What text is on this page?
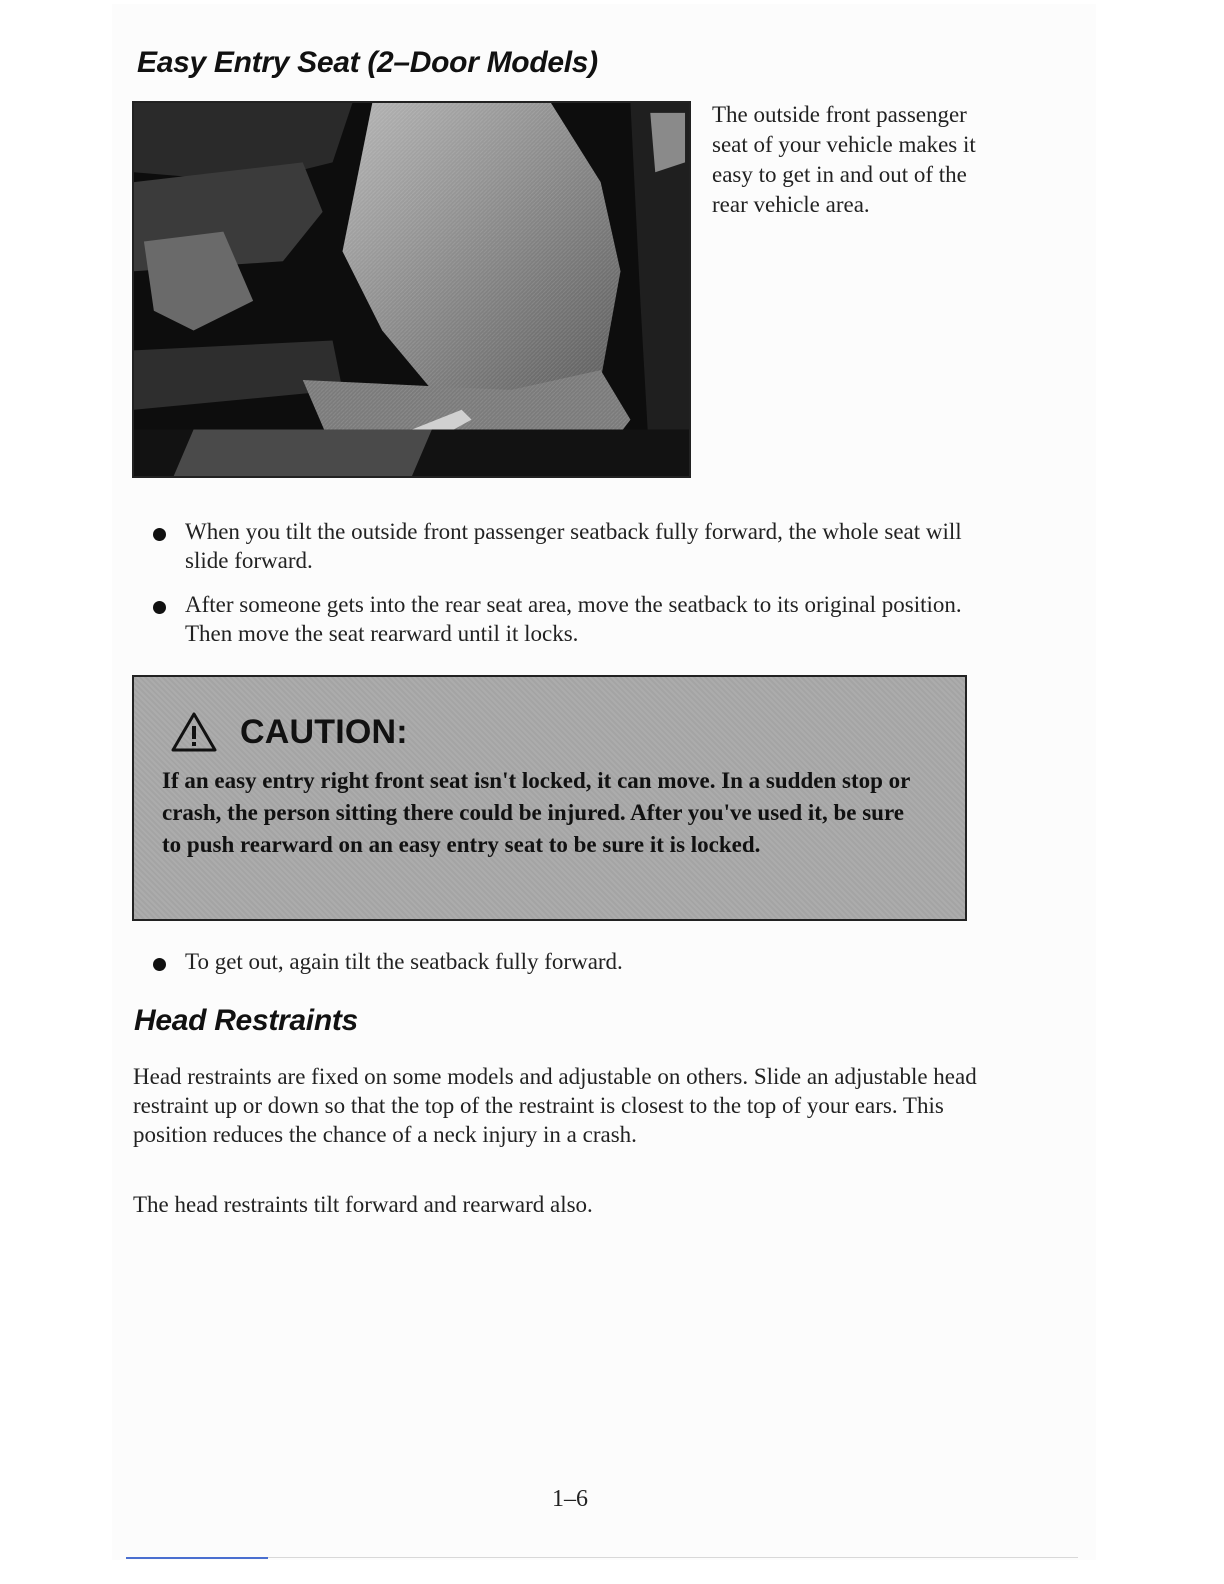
Easy Entry Seat (2–Door Models)

The outside front passenger seat of your vehicle makes it easy to get in and out of the rear vehicle area.

When you tilt the outside front passenger seatback fully forward, the whole seat will slide forward.
After someone gets into the rear seat area, move the seatback to its original position. Then move the seat rearward until it locks.
CAUTION:

If an easy entry right front seat isn't locked, it can move. In a sudden stop or crash, the person sitting there could be injured. After you've used it, be sure to push rearward on an easy entry seat to be sure it is locked.

To get out, again tilt the seatback fully forward.
Head Restraints

Head restraints are fixed on some models and adjustable on others. Slide an adjustable head restraint up or down so that the top of the restraint is closest to the top of your ears. This position reduces the chance of a neck injury in a crash.

The head restraints tilt forward and rearward also.

1–6
